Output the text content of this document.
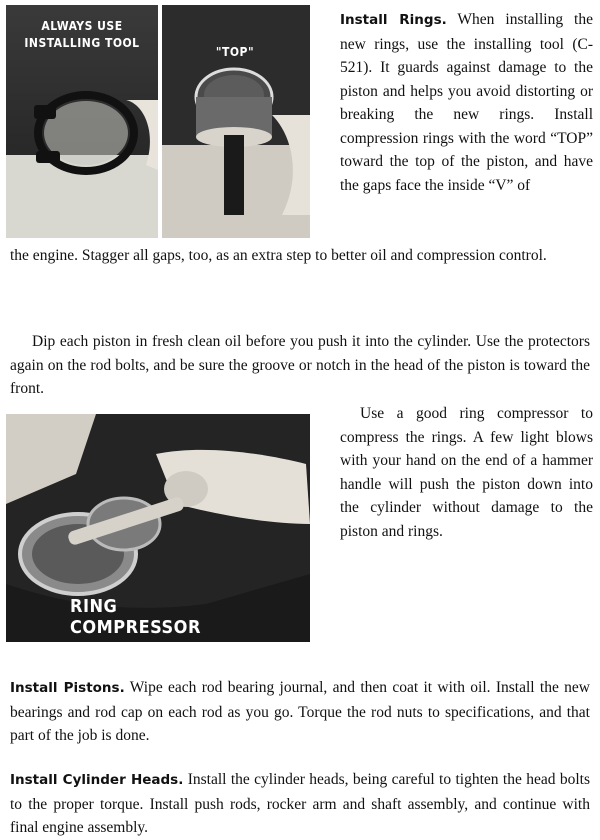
ALWAYS USE
INSTALLING TOOL
"TOP"
Install Rings. When installing the new rings, use the installing tool (C-521). It guards against damage to the piston and helps you avoid distorting or breaking the new rings. Install compression rings with the word “TOP” toward the top of the piston, and have the gaps face the inside “V” of
the engine. Stagger all gaps, too, as an extra step to better oil and compression control.
Dip each piston in fresh clean oil before you push it into the cylinder. Use the protectors again on the rod bolts, and be sure the groove or notch in the head of the piston is toward the front.
RING COMPRESSOR
Use a good ring compressor to compress the rings. A few light blows with your hand on the end of a hammer handle will push the piston down into the cylinder without damage to the piston and rings.
Install Pistons. Wipe each rod bearing journal, and then coat it with oil. Install the new bearings and rod cap on each rod as you go. Torque the rod nuts to specifications, and that part of the job is done.
Install Cylinder Heads. Install the cylinder heads, being careful to tighten the head bolts to the proper torque. Install push rods, rocker arm and shaft assembly, and continue with final engine assembly.
